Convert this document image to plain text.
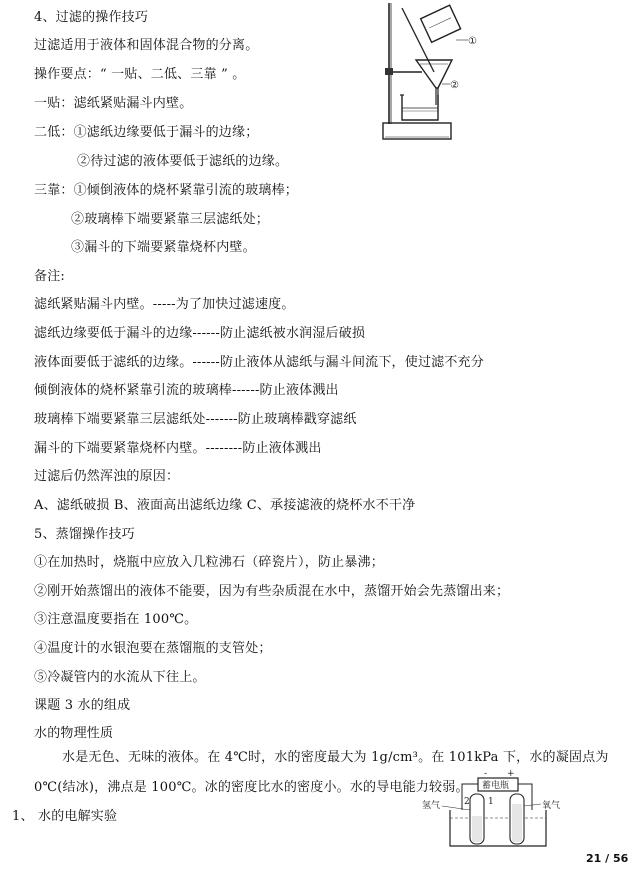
4、过滤的操作技巧
过滤适用于液体和固体混合物的分离。
操作要点：“ 一贴、二低、三靠 ” 。
一贴：滤纸紧贴漏斗内壁。
二低：①滤纸边缘要低于漏斗的边缘；
②待过滤的液体要低于滤纸的边缘。
三靠：①倾倒液体的烧杯紧靠引流的玻璃棒；
②玻璃棒下端要紧靠三层滤纸处；
③漏斗的下端要紧靠烧杯内壁。
备注:
滤纸紧贴漏斗内壁。-----为了加快过滤速度。
滤纸边缘要低于漏斗的边缘------防止滤纸被水润湿后破损
液体面要低于滤纸的边缘。------防止液体从滤纸与漏斗间流下，使过滤不充分
倾倒液体的烧杯紧靠引流的玻璃棒------防止液体溅出
玻璃棒下端要紧靠三层滤纸处-------防止玻璃棒戳穿滤纸
漏斗的下端要紧靠烧杯内壁。--------防止液体溅出
过滤后仍然浑浊的原因：
A、滤纸破损 B、液面高出滤纸边缘 C、承接滤液的烧杯水不干净
①
②
5、蒸馏操作技巧
①在加热时，烧瓶中应放入几粒沸石（碎瓷片），防止暴沸；
②刚开始蒸馏出的液体不能要，因为有些杂质混在水中，蒸馏开始会先蒸馏出来；
③注意温度要指在 100℃。
④温度计的水银泡要在蒸馏瓶的支管处；
⑤冷凝管内的水流从下往上。
课题 3 水的组成
水的物理性质
水是无色、无味的液体。在 4℃时，水的密度最大为 1g/cm³。在 101kPa 下，水的凝固点为 0℃(结冰)，沸点是 100℃。冰的密度比水的密度小。水的导电能力较弱。
1、 水的电解实验
蓄电瓶
- +
2 1
氢气	氧气
21 / 56
